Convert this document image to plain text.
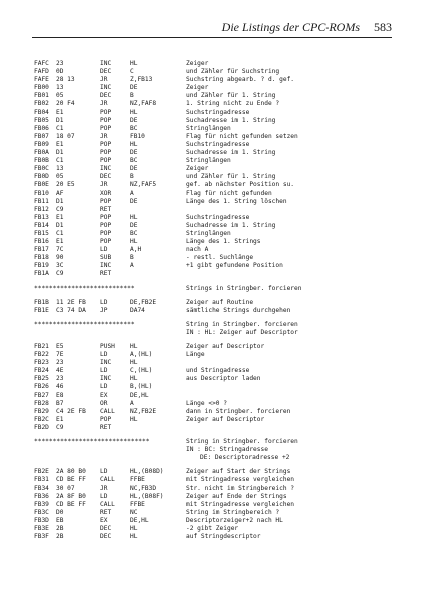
Die Listings der CPC-ROMs 583
FAFC 23	INC	HL	Zeiger
FAFD 0D	DEC	C	und Zähler für Suchstring
FAFE 28 13	JR	Z,FB13	Suchstring abgearb. ? d. gef.
FB00 13	INC	DE	Zeiger
FB01 05	DEC	B	und Zähler für 1. String
FB02 20 F4	JR	NZ,FAF8	1. String nicht zu Ende ?
FB04 E1	POP	HL	Suchstringadresse
FB05 D1	POP	DE	Suchadresse im 1. String
FB06 C1	POP	BC	Stringlängen
FB07 18 07	JR	FB10	Flag für nicht gefunden setzen
FB09 E1	POP	HL	Suchstringadresse
FB0A D1	POP	DE	Suchadresse im 1. String
FB0B C1	POP	BC	Stringlängen
FB0C 13	INC	DE	Zeiger
FB0D 05	DEC	B	und Zähler für 1. String
FB0E 20 E5	JR	NZ,FAF5	gef. ab nächster Position su.
FB10 AF	XOR	A	Flag für nicht gefunden
FB11 D1	POP	DE	Länge des 1. String löschen
FB12 C9	RET
FB13 E1	POP	HL	Suchstringadresse
FB14 D1	POP	DE	Suchadresse im 1. String
FB15 C1	POP	BC	Stringlängen
FB16 E1	POP	HL	Länge des 1. Strings
FB17 7C	LD	A,H	nach A
FB18 90	SUB	B	- restl. Suchlänge
FB19 3C	INC	A	+1 gibt gefundene Position
FB1A C9	RET
***************************	Strings in Stringber. forcieren
FB1B 11 2E FB LD	DE,FB2E	Zeiger auf Routine
FB1E C3 74 DA JP	DA74	sämtliche Strings durchgehen
***************************	String in Stringber. forcieren
IN : HL: Zeiger auf Descriptor
FB21 E5	PUSH HL	Zeiger auf Descriptor
FB22 7E	LD	A,(HL)	Länge
FB23 23	INC	HL
FB24 4E	LD	C,(HL)	und Stringadresse
FB25 23	INC	HL	aus Descriptor laden
FB26 46	LD	B,(HL)
FB27 E8	EX	DE,HL
FB28 B7	OR	A	Länge <>0 ?
FB29 C4 2E FB CALL NZ,FB2E	dann in Stringber. forcieren
FB2C E1	POP	HL	Zeiger auf Descriptor
FB2D C9	RET
*******************************	String in Stringber. forcieren
IN : BC: Stringadresse
DE: Descriptoradresse +2
FB2E 2A 80 B0 LD	HL,(B08D)	Zeiger auf Start der Strings
FB31 CD BE FF CALL FFBE	mit Stringadresse vergleichen
FB34 30 07	JR	NC,FB3D	Str. nicht im Stringbereich ?
FB36 2A 8F B0 LD	HL,(B08F)	Zeiger auf Ende der Strings
FB39 CD BE FF CALL FFBE	mit Stringadresse vergleichen
FB3C D0	RET	NC	String im Stringbereich ?
FB3D EB	EX	DE,HL	Descriptorzeiger+2 nach HL
FB3E 2B	DEC	HL	-2 gibt Zeiger
FB3F 2B	DEC	HL	auf Stringdescriptor
